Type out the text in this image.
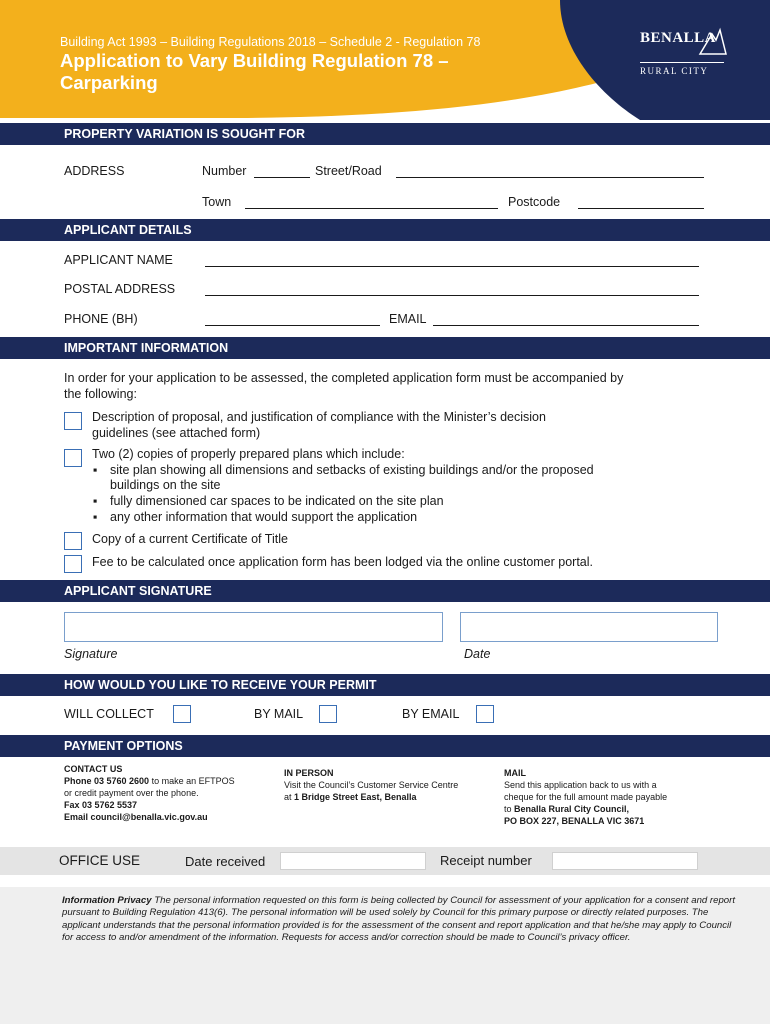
Building Act 1993 – Building Regulations 2018 – Schedule 2 - Regulation 78
Application to Vary Building Regulation 78 –
Carparking
BENALLA
RURAL CITY
PROPERTY VARIATION IS SOUGHT FOR
ADDRESS	Number	Street/Road
Town	Postcode
APPLICANT DETAILS
APPLICANT NAME
POSTAL ADDRESS
PHONE (BH)	EMAIL
IMPORTANT INFORMATION
In order for your application to be assessed, the completed application form must be accompanied by
the following:
Description of proposal, and justification of compliance with the Minister’s decision
guidelines (see attached form)
Two (2) copies of properly prepared plans which include:
▪ site plan showing all dimensions and setbacks of existing buildings and/or the proposed
buildings on the site
▪ fully dimensioned car spaces to be indicated on the site plan
▪ any other information that would support the application
Copy of a current Certificate of Title
Fee to be calculated once application form has been lodged via the online customer portal.
APPLICANT SIGNATURE
Signature	Date
HOW WOULD YOU LIKE TO RECEIVE YOUR PERMIT
WILL COLLECT	BY MAIL	BY EMAIL
PAYMENT OPTIONS
CONTACT US
Phone 03 5760 2600 to make an EFTPOS
or credit payment over the phone.
Fax 03 5762 5537
Email council@benalla.vic.gov.au
IN PERSON
Visit the Council’s Customer Service Centre
at 1 Bridge Street East, Benalla
MAIL
Send this application back to us with a
cheque for the full amount made payable
to Benalla Rural City Council,
PO BOX 227, BENALLA VIC 3671
OFFICE USE	Date received	Receipt number
Information Privacy The personal information requested on this form is being collected by Council for assessment of your application for a consent and report pursuant to Building Regulation 413(6). The personal information will be used solely by Council for this primary purpose or directly related purposes. The applicant understands that the personal information provided is for the assessment of the consent and report application and that he/she may apply to Council for access to and/or amendment of the information. Requests for access and/or correction should be made to Council’s privacy officer.
